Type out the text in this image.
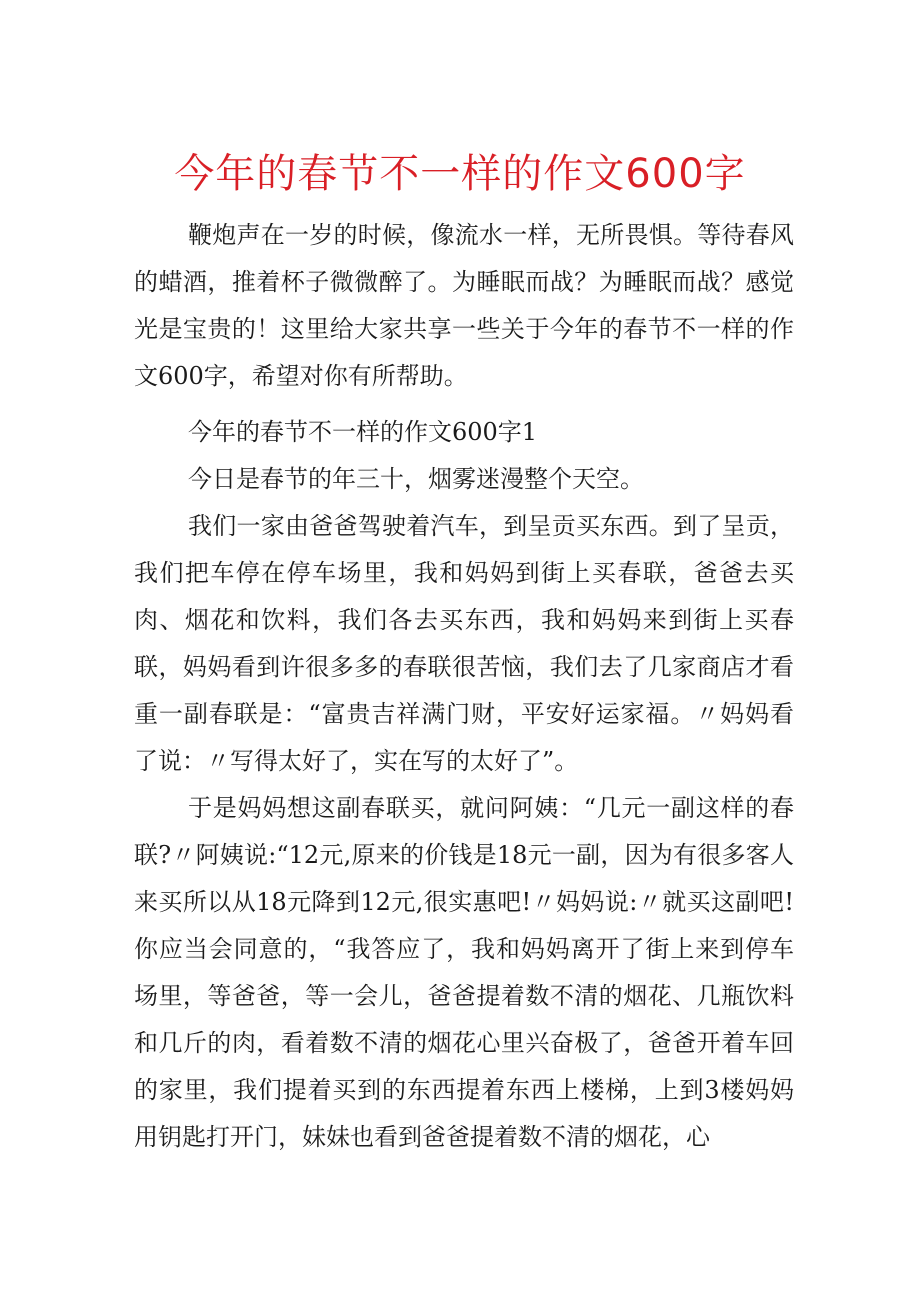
今年的春节不一样的作文600字

鞭炮声在一岁的时候，像流水一样，无所畏惧。等待春风的蜡酒，推着杯子微微醉了。为睡眠而战？为睡眠而战？感觉光是宝贵的！这里给大家共享一些关于今年的春节不一样的作文600字，希望对你有所帮助。

今年的春节不一样的作文600字1

今日是春节的年三十，烟雾迷漫整个天空。

我们一家由爸爸驾驶着汽车，到呈贡买东西。到了呈贡，我们把车停在停车场里，我和妈妈到街上买春联，爸爸去买肉、烟花和饮料，我们各去买东西，我和妈妈来到街上买春联，妈妈看到许很多多的春联很苦恼，我们去了几家商店才看重一副春联是：“富贵吉祥满门财，平安好运家福。〃妈妈看了说：〃写得太好了，实在写的太好了”。

于是妈妈想这副春联买，就问阿姨：“几元一副这样的春联?〃阿姨说:“12元,原来的价钱是18元一副，因为有很多客人来买所以从18元降到12元,很实惠吧!〃妈妈说:〃就买这副吧!你应当会同意的，“我答应了，我和妈妈离开了街上来到停车场里，等爸爸，等一会儿，爸爸提着数不清的烟花、几瓶饮料和几斤的肉，看着数不清的烟花心里兴奋极了，爸爸开着车回的家里，我们提着买到的东西提着东西上楼梯，上到3楼妈妈用钥匙打开门，妹妹也看到爸爸提着数不清的烟花，心
